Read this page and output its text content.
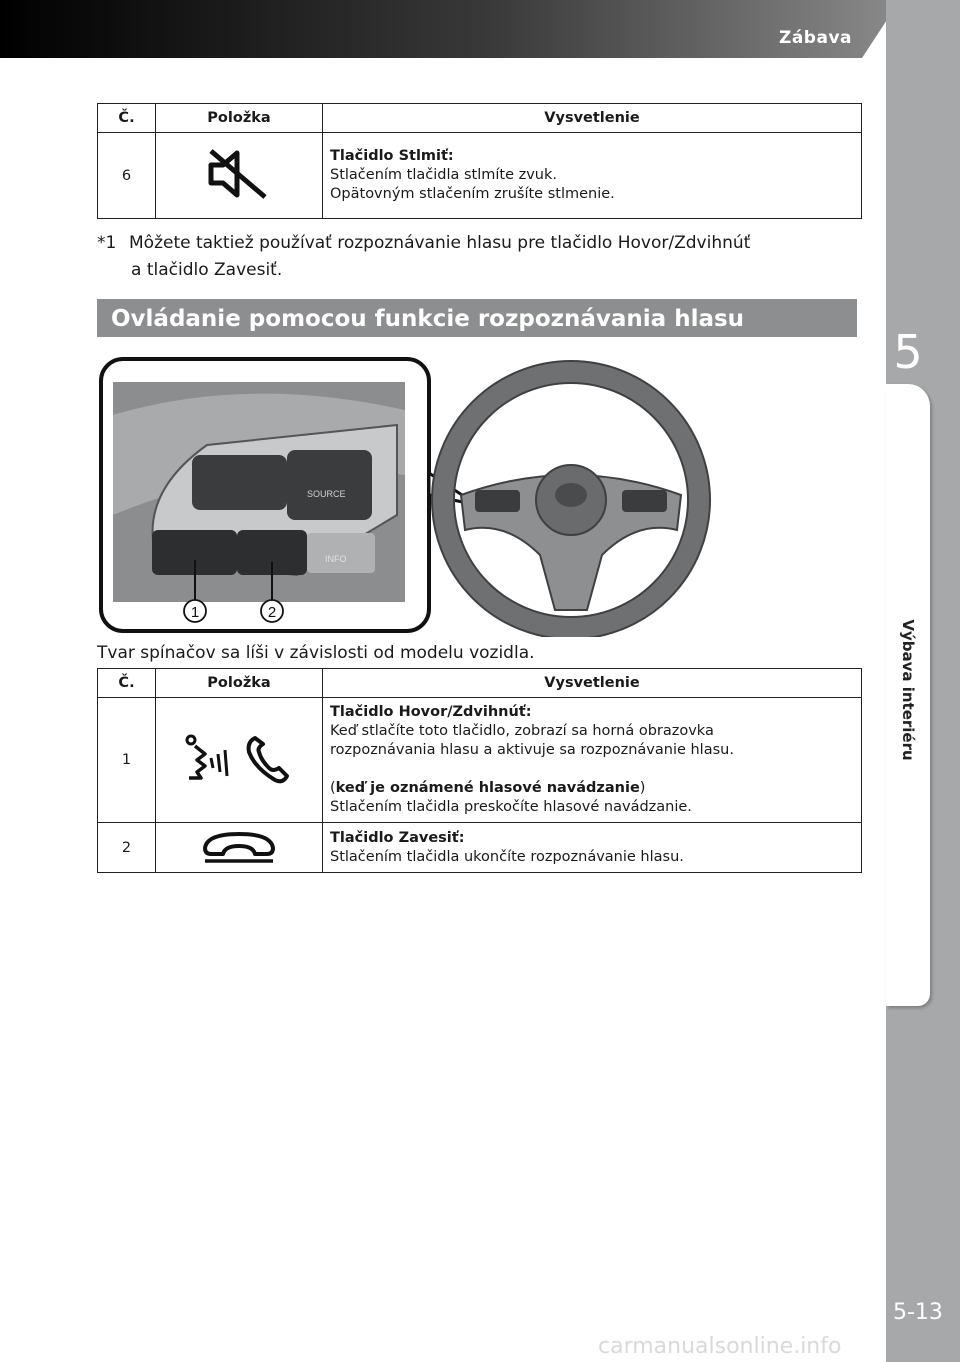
Zábava
5
Výbava interiéru
Č.	Položka	Vysvetlenie
6		Tlačidlo Stlmiť:
Stlačením tlačidla stlmíte zvuk.
Opätovným stlačením zrušíte stlmenie.
*1 Môžete taktiež používať rozpoznávanie hlasu pre tlačidlo Hovor/Zdvihnúť
a tlačidlo Zavesiť.
Ovládanie pomocou funkcie rozpoznávania hlasu
SOURCE
INFO
1	2
Tvar spínačov sa líši v závislosti od modelu vozidla.
Č.	Položka	Vysvetlenie
1		Tlačidlo Hovor/Zdvihnúť:
Keď stlačíte toto tlačidlo, zobrazí sa horná obrazovka
rozpoznávania hlasu a aktivuje sa rozpoznávanie hlasu.
(keď je oznámené hlasové navádzanie)
Stlačením tlačidla preskočíte hlasové navádzanie.

2		Tlačidlo Zavesiť:
Stlačením tlačidla ukončíte rozpoznávanie hlasu.
5-13
carmanualsonline.info
